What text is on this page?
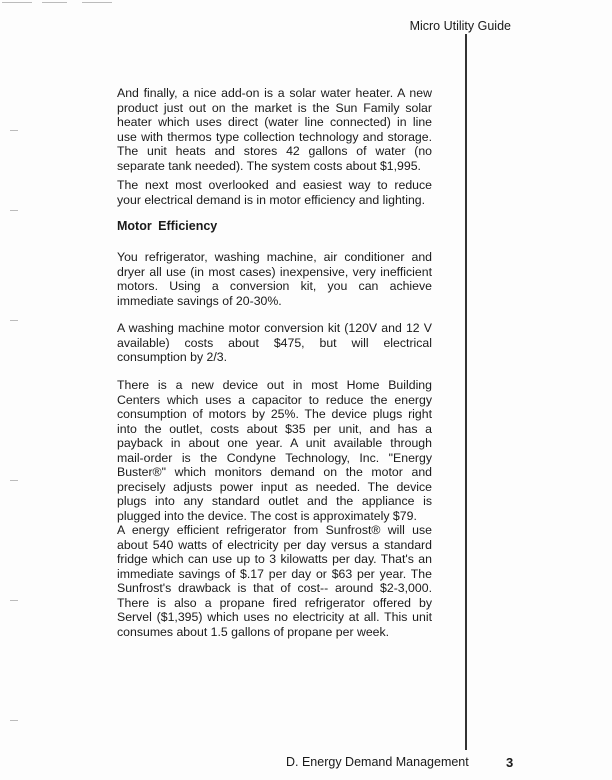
Micro Utility Guide
And finally, a nice add-on is a solar water heater. A new
product just out on the market is the Sun Family solar
heater which uses direct (water line connected) in line
use with thermos type collection technology and storage.
The unit heats and stores 42 gallons of water (no
separate tank needed). The system costs about $1,995.
The next most overlooked and easiest way to reduce
your electrical demand is in motor efficiency and lighting.
Motor Efficiency
You refrigerator, washing machine, air conditioner and
dryer all use (in most cases) inexpensive, very inefficient
motors. Using a conversion kit, you can achieve
immediate savings of 20-30%.
A washing machine motor conversion kit (120V and 12 V
available) costs about $475, but will electrical
consumption by 2/3.
There is a new device out in most Home Building
Centers which uses a capacitor to reduce the energy
consumption of motors by 25%. The device plugs right
into the outlet, costs about $35 per unit, and has a
payback in about one year. A unit available through
mail-order is the Condyne Technology, Inc. "Energy
Buster®" which monitors demand on the motor and
precisely adjusts power input as needed. The device
plugs into any standard outlet and the appliance is
plugged into the device. The cost is approximately $79.
A energy efficient refrigerator from Sunfrost® will use
about 540 watts of electricity per day versus a standard
fridge which can use up to 3 kilowatts per day. That's an
immediate savings of $.17 per day or $63 per year. The
Sunfrost's drawback is that of cost-- around $2-3,000.
There is also a propane fired refrigerator offered by
Servel ($1,395) which uses no electricity at all. This unit
consumes about 1.5 gallons of propane per week.
D. Energy Demand Management	3
